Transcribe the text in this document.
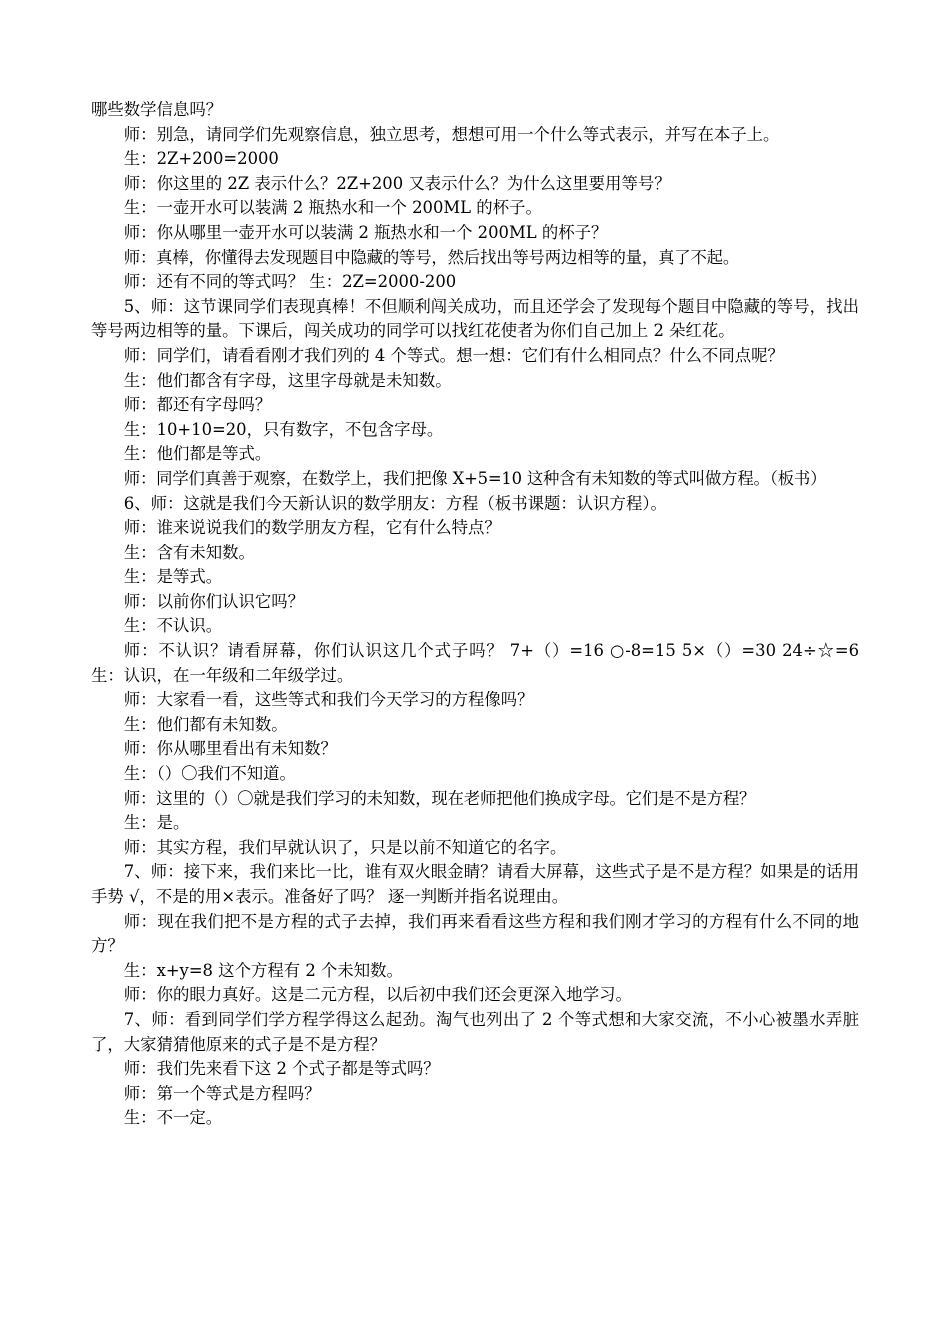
哪些数学信息吗？

师：别急，请同学们先观察信息，独立思考，想想可用一个什么等式表示，并写在本子上。

生：2Z+200=2000

师：你这里的 2Z 表示什么？2Z+200 又表示什么？为什么这里要用等号？

生：一壶开水可以装满 2 瓶热水和一个 200ML 的杯子。

师：你从哪里一壶开水可以装满 2 瓶热水和一个 200ML 的杯子？

师：真棒，你懂得去发现题目中隐藏的等号，然后找出等号两边相等的量，真了不起。

师：还有不同的等式吗？ 生：2Z=2000-200

5、师：这节课同学们表现真棒！不但顺利闯关成功，而且还学会了发现每个题目中隐藏的等号，找出等号两边相等的量。下课后，闯关成功的同学可以找红花使者为你们自己加上 2 朵红花。

师：同学们，请看看刚才我们列的 4 个等式。想一想：它们有什么相同点？什么不同点呢？

生：他们都含有字母，这里字母就是未知数。

师：都还有字母吗？

生：10+10=20，只有数字，不包含字母。

生：他们都是等式。

师：同学们真善于观察，在数学上，我们把像 X+5=10 这种含有未知数的等式叫做方程。（板书）

6、师：这就是我们今天新认识的数学朋友：方程（板书课题：认识方程）。

师：谁来说说我们的数学朋友方程，它有什么特点？

生：含有未知数。

生：是等式。

师：以前你们认识它吗？

生：不认识。

师：不认识？请看屏幕，你们认识这几个式子吗？ 7+（）=16 ○-8=15 5×（）=30 24÷☆=6 生：认识，在一年级和二年级学过。

师：大家看一看，这些等式和我们今天学习的方程像吗？

生：他们都有未知数。

师：你从哪里看出有未知数？

生：（）〇我们不知道。

师：这里的（）〇就是我们学习的未知数，现在老师把他们换成字母。它们是不是方程？

生：是。

师：其实方程，我们早就认识了，只是以前不知道它的名字。

7、师：接下来，我们来比一比，谁有双火眼金睛？请看大屏幕，这些式子是不是方程？如果是的话用手势 √，不是的用×表示。准备好了吗？ 逐一判断并指名说理由。

师：现在我们把不是方程的式子去掉，我们再来看看这些方程和我们刚才学习的方程有什么不同的地方？

生：x+y=8 这个方程有 2 个未知数。

师：你的眼力真好。这是二元方程，以后初中我们还会更深入地学习。

7、师：看到同学们学方程学得这么起劲。淘气也列出了 2 个等式想和大家交流，不小心被墨水弄脏了，大家猜猜他原来的式子是不是方程？

师：我们先来看下这 2 个式子都是等式吗？

师：第一个等式是方程吗？

生：不一定。
